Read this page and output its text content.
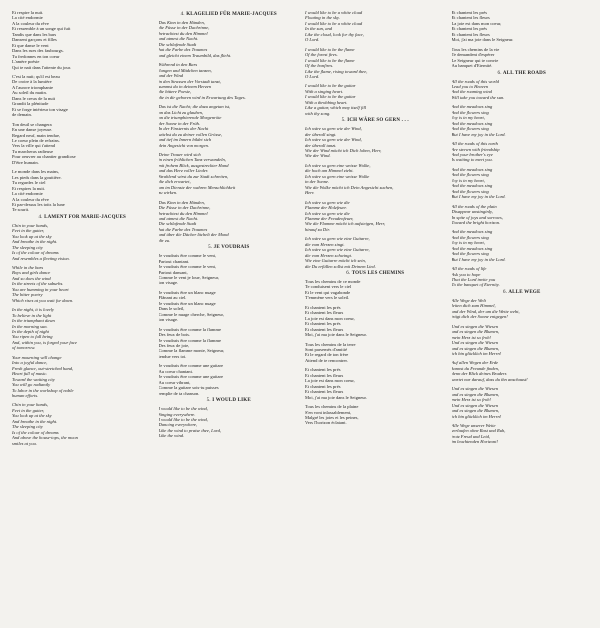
Et respire la nuit.
La cité endormie
A la couleur du rêve
Et ressemble à un songe qui fuit
Tandis que dans les bars
Dansent garçons et filles
Et que danse le vent
Dans les rues des faubourgs.
Tu fredonnes en ton coeur
L'amère poésie
Qui te nait dans l'attente du jour.
C'est la nuit; qu'il est beau
De croire à la lumière
A l'aurore triomphante
Au soleil du matin.
Dans le creux de la nuit
Grandit la plénitude
Et se forge intérieur ton visage
de demain.
Ton deuil se changera
En une danse joyeuse.
Regard neuf, main tendue,
Le coeur plein de refrains.
Vers la ville qui t'attend
Tu marcheras radieuse
Pour oeuvrer au chantier grandiose
D'être humain.
Le monde dans les mains,
Les pieds dans la gouttière.
Tu regardes le ciel
Et respires la nuit.
La cité endormie
A la couleur du rêve
Et par-dessus les toits la lune
Te sourit.
4. LAMENT FOR MARIE-JACQUES
Chin in your hands,
Feet in the gutter,
You look up at the sky
And breathe in the night.
The sleeping city
Is of the colour of dreams
And resembles a fleeting vision.
While in the bars
Boys and girls dance
And so does the wind
In the streets of the suburbs.
You are humming in your heart
The bitter poetry
Which rises at you wait for dawn.
In the night, it is lovely
To believe in the light
In the triumphant dawn
In the morning sun.
In the depth of night
You ripen to full being
And, within you, is forged your face
of tomorrow.
Your mourning will change
Into a joyful dance,
Fresh glance, out-stretched hand,
Heart full of music.
Toward the waiting city
You will go radiantly
To labor in the workshop of noble
human efforts.
Chin in your hands,
Feet in the gutter,
You look up at the sky
And breathe in the night.
The sleeping city
Is of the colour of dreams
And above the house-tops, the moon
smiles at you.
4. KLAGELIED FÜR MARIE-JACQUES
Das Kinn in den Händen,
die Füsse in der Dachrinne,
betrachtest du den Himmel
und atmest die Nacht.
Die schlafende Stadt
hat die Farbe des Traumes
und gleicht einem Traumbild, das flieht.
Während in den Bars
Jungen und Mädchen tanzen,
und der Wind
in den Strassen der Vorstadt tanzt,
summst du in deinem Herzen
die bittere Poesie,
die in dir geboren wird in Erwartung des Tages.
Das ist die Nacht; die dazu angetan ist,
an das Licht zu glauben,
an die triumphierende Morgenröte
der Sonne in der Früh.
In der Finsternis der Nacht
wächst du zu deiner vollen Grösse,
und tief im Innern bildet sich
dein Angesicht von morgen.
Deine Trauer wird sich
in einen fröhlichen Tanz verwandeln,
mit frohem Blick, ausgestreckter Hand
und das Herz voller Lieder.
Strahlend wirst du zur Stadt schreiten,
die dich erwartet,
um im Dienste der wahren Menschlichkeit
zu wirken.
Das Kinn in den Händen,
Die Füsse in der Dachrinne,
betrachtest du den Himmel
und atmest die Nacht.
Die schlafende Stadt
hat die Farbe des Traumes
und über die Dächer lächelt der Mond
dir zu.
5. JE VOUDRAIS
Je voudrais être comme le vent,
Partout chantant.
Je voudrais être comme le vent,
Partout dansant,
Comme le vent je loue, Seigneur,
ton visage.
Je voudrais être un blanc nuage
Flânant au ciel.
Je voudrais être un blanc nuage
Dans le soleil,
Comme le nuage cherche, Seigneur,
ton visage.
Je voudrais être comme la flamme
Des feux de bois.
Je voudrais être comme la flamme
Des feux de joie,
Comme la flamme monte, Seigneur,
tendue vers toi.
Je voudrais être comme une guitare
Au coeur chantant.
Je voudrais être comme une guitare
Au coeur vibrant,
Comme la guitare sois-tu puisses
remplie de ta chanson.
5. I WOULD LIKE
I would like to be the wind,
Singing everywhere.
I would like to be the wind,
Dancing everywhere,
Like the wind to praise thee, Lord,
Like the wind.
I would like to be a white cloud
Floating in the sky.
I would like to be a white cloud
In the sun, and
Like the cloud, look for thy face,
O Lord.
I would like to be the flame
Of the forest fires.
I would like to be the flame
Of the bonfires.
Like the flame, rising toward thee,
O Lord.
I would like to be the guitar
With a singing heart.
I would like to be the guitar
With a throbbing heart.
Like a guitar, which may itself fill
with thy song.
5. ICH WÄRE SO GERN . . .
Ich wäre so gern wie der Wind,
der überall singt.
Ich wäre so gern wie der Wind,
der überall tanzt.
Wie der Wind möcht ich Dich loben, Herr,
Wie der Wind.
Ich wäre so gern eine weisse Wolke,
die hoch am Himmel zieht.
Ich wäre so gern eine weisse Wolke
in der Sonne.
Wie die Wolke möcht ich Dein Angesicht suchen,
Herr.
Ich wäre so gern wie die
Flamme der Holzfeuer.
Ich wäre so gern wie die
Flamme der Freudenfeuer,
Wie die Flamme möcht ich aufsteigen, Herr,
hinauf zu Dir.
Ich wäre so gern wie eine Guitarre,
die vom Herzen singt.
Ich wäre so gern wie eine Guitarre,
die vom Herzen schwingt.
Wie eine Guitarre möcht ich sein,
die Du erfüllen sollst mit Deinem Lied.
6. TOUS LES CHEMINS
Tous les chemins de ce monde
Te conduisent vers le ciel
Et le vent qui vagabonde
T'emmène vers le soleil.
Et chantent les prés
Et chantent les fleurs
La joie est dans mon coeur,
Et chantent les prés
Et chantent les fleurs
Moi, j'ai ma joie dans le Seigneur.
Tous les chemins de la terre
Sont parsemés d'amitié
Et le regard de ton frère
Attend de te rencontrer.
Et chantent les prés
Et chantent les fleurs
La joie est dans mon coeur,
Et chantent les prés
Et chantent les fleurs
Moi, j'ai ma joie dans le Seigneur.
Tous les chemins de la plaine
S'en vont inlassablement,
Malgré les joies et les peines,
Vers l'horizon éclatant.
Et chantent les prés
Et chantent les fleurs
La joie est dans mon coeur,
Et chantent les prés
Et chantent les fleurs
Moi, j'ai ma joie dans le Seigneur.
Tous les chemins de la vie
Te demandent d'espérer
Le Seigneur qui te convie
Au banquet d'Eternité.
6. ALL THE ROADS
All the roads of this world
Lead you to Heaven
And the roaming wind
Will take you toward the sun.
And the meadows sing
And the flowers sing
Joy is in my heart,
And the meadows sing
And the flowers sing
But I have my joy in the Lord.
All the roads of this earth
Are strewn with friendship
And your brother's eye
Is waiting to meet you.
And the meadows sing
And the flowers sing
Joy is in my heart,
And the meadows sing
And the flowers sing
But I have my joy in the Lord.
All the roads of the plain
Disappear unstinginly,
In spite of joys and sorrows,
Toward the bright horizon.
And the meadows sing
And the flowers sing
Joy is in my heart,
And the meadows sing
And the flowers sing
But I have my joy in the Lord.
All the roads of life
Ask you to hope
That the Lord invite you
To the banquet of Eternity.
6. ALLE WEGE
Alle Wege der Welt
leiten dich zum Himmel,
und der Wind, der um die Wette weht,
trägt dich der Sonne entgegen!
Und es singen die Wiesen
und es singen die Blumen,
mein Herz ist so froh!
Und es singen die Wiesen
und es singen die Blumen,
ich bin glücklich im Herrn!
Auf allen Wegen der Erde
kannst du Freunde finden,
denn der Blick deines Bruders
wartet nur darauf, dass du ihn anschaust!
Und es singen die Wiesen
und es singen die Blumen,
mein Herz ist so froh!
Und es singen die Wiesen
und es singen die Blumen,
ich bin glücklich im Herrn!
Alle Wege unserer Weite
verlaufen ohne Rast und Ruh,
trotz Freud und Leid,
im leuchtenden Horizont!
